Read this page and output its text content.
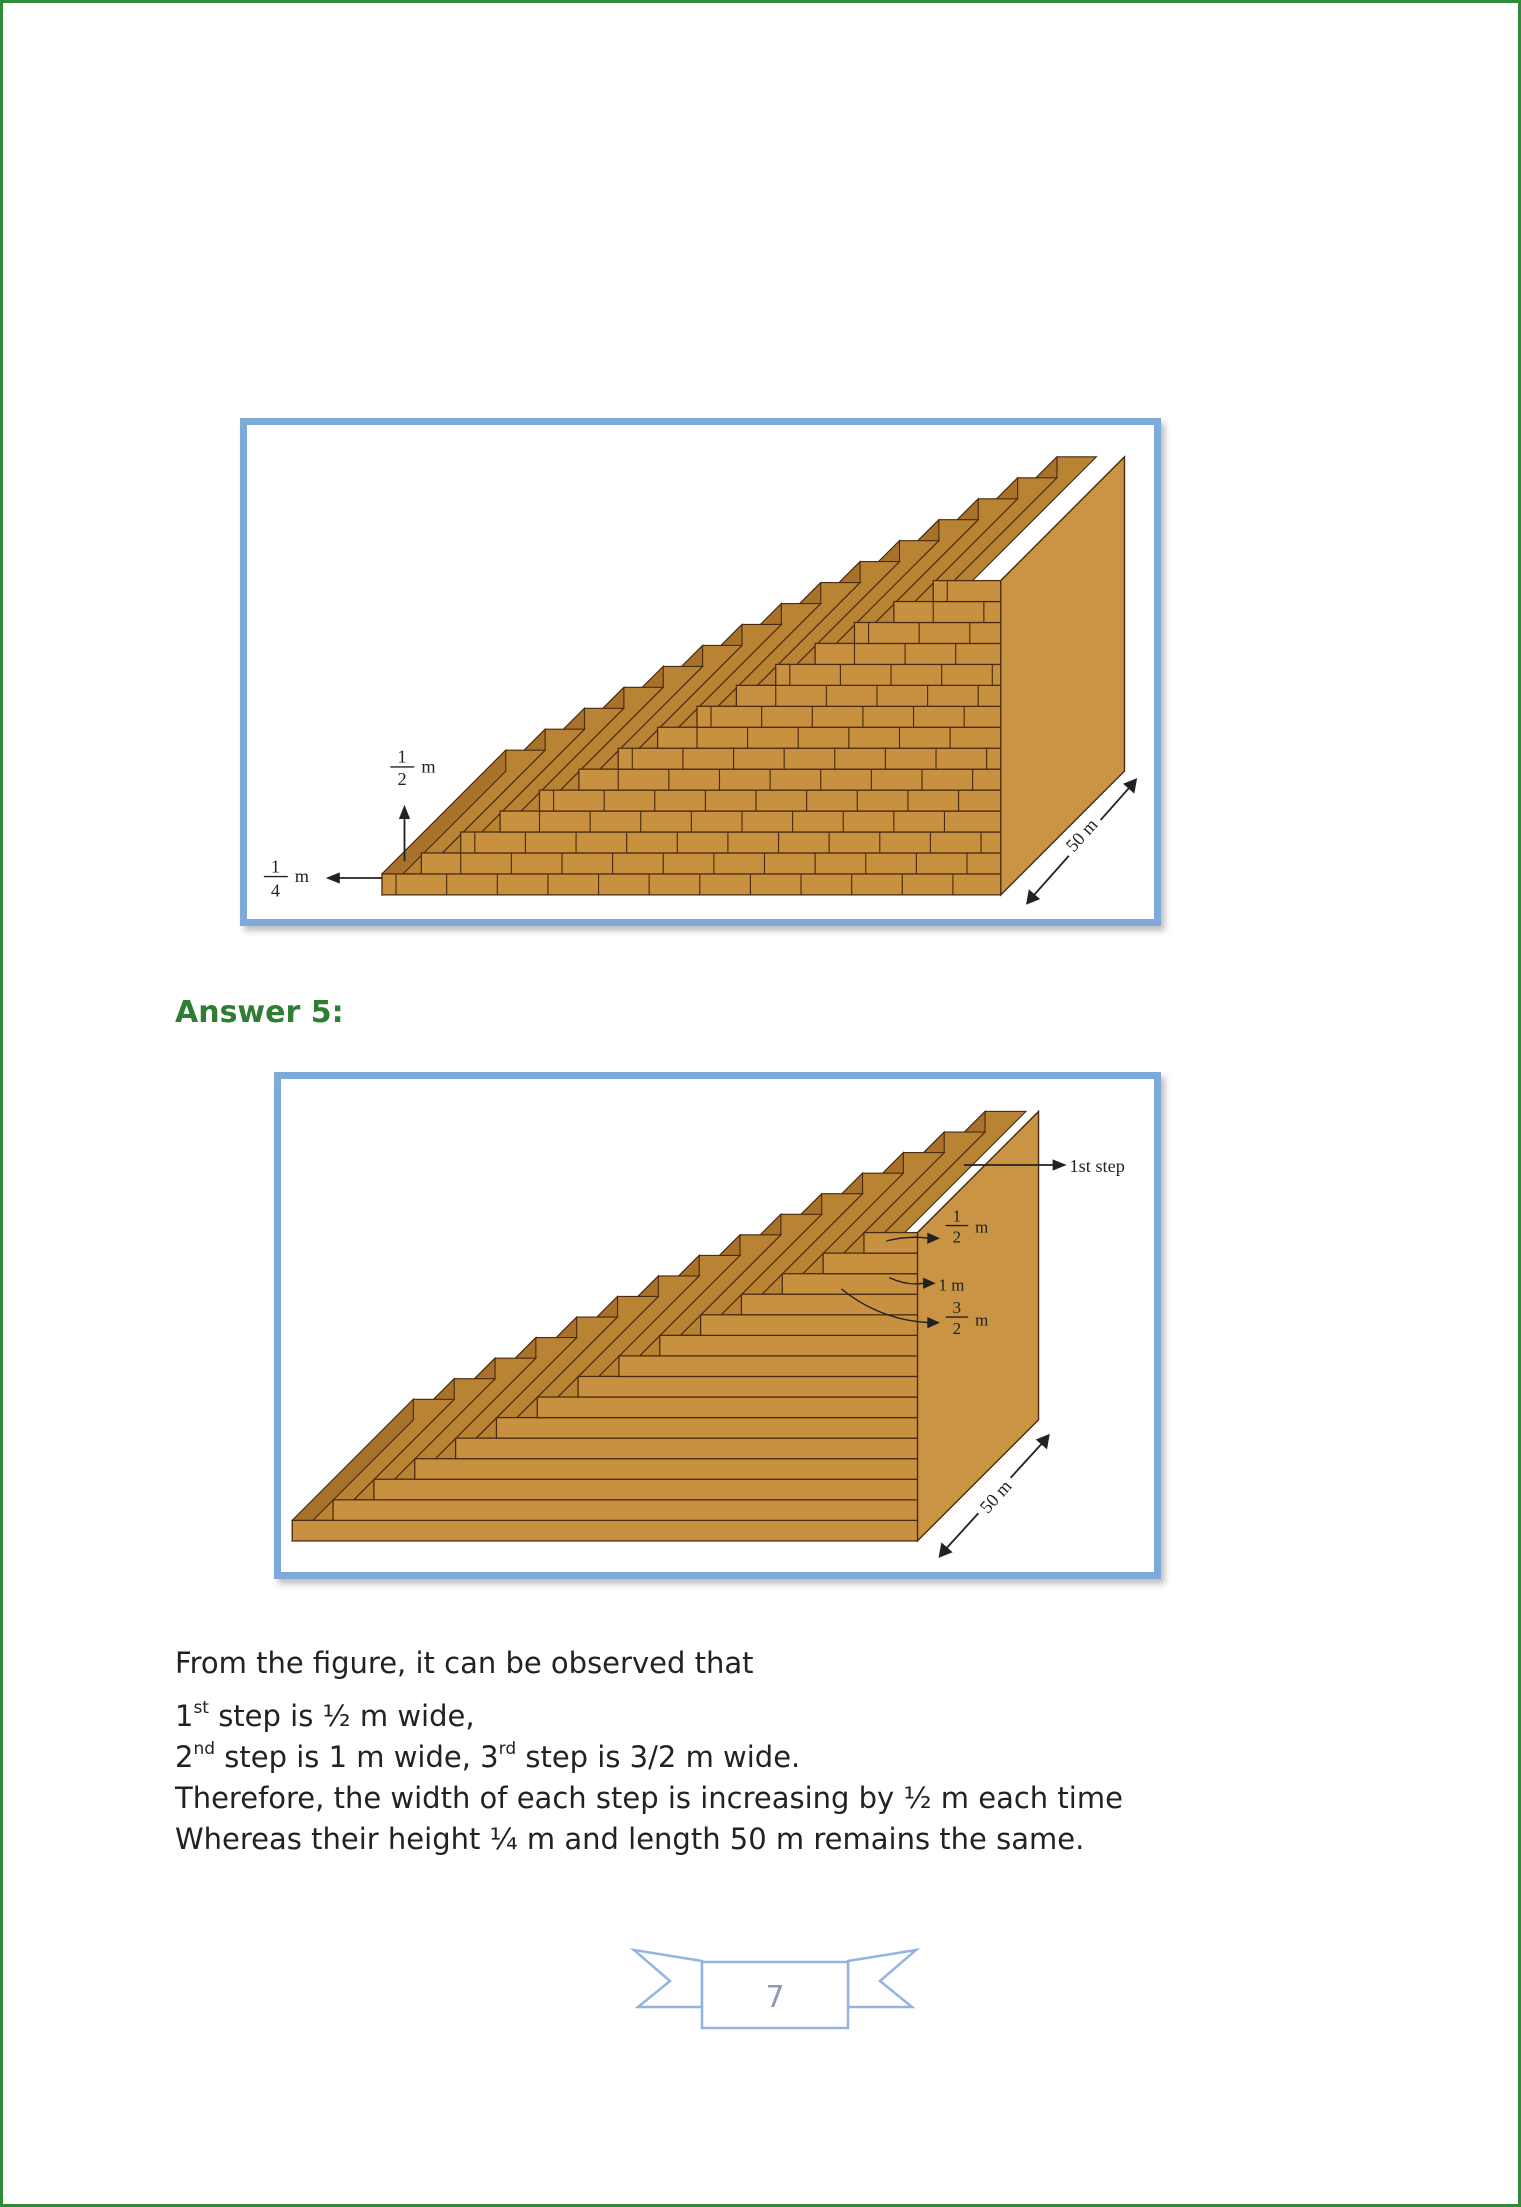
1
2
m
1
4
m
50 m
Answer 5:
1st step
1
2
m
1 m
3
2 m
50 m
From the figure, it can be observed that
1st step is ½ m wide,
2nd step is 1 m wide, 3rd step is 3/2 m wide.
Therefore, the width of each step is increasing by ½ m each time
Whereas their height ¼ m and length 50 m remains the same.
7
